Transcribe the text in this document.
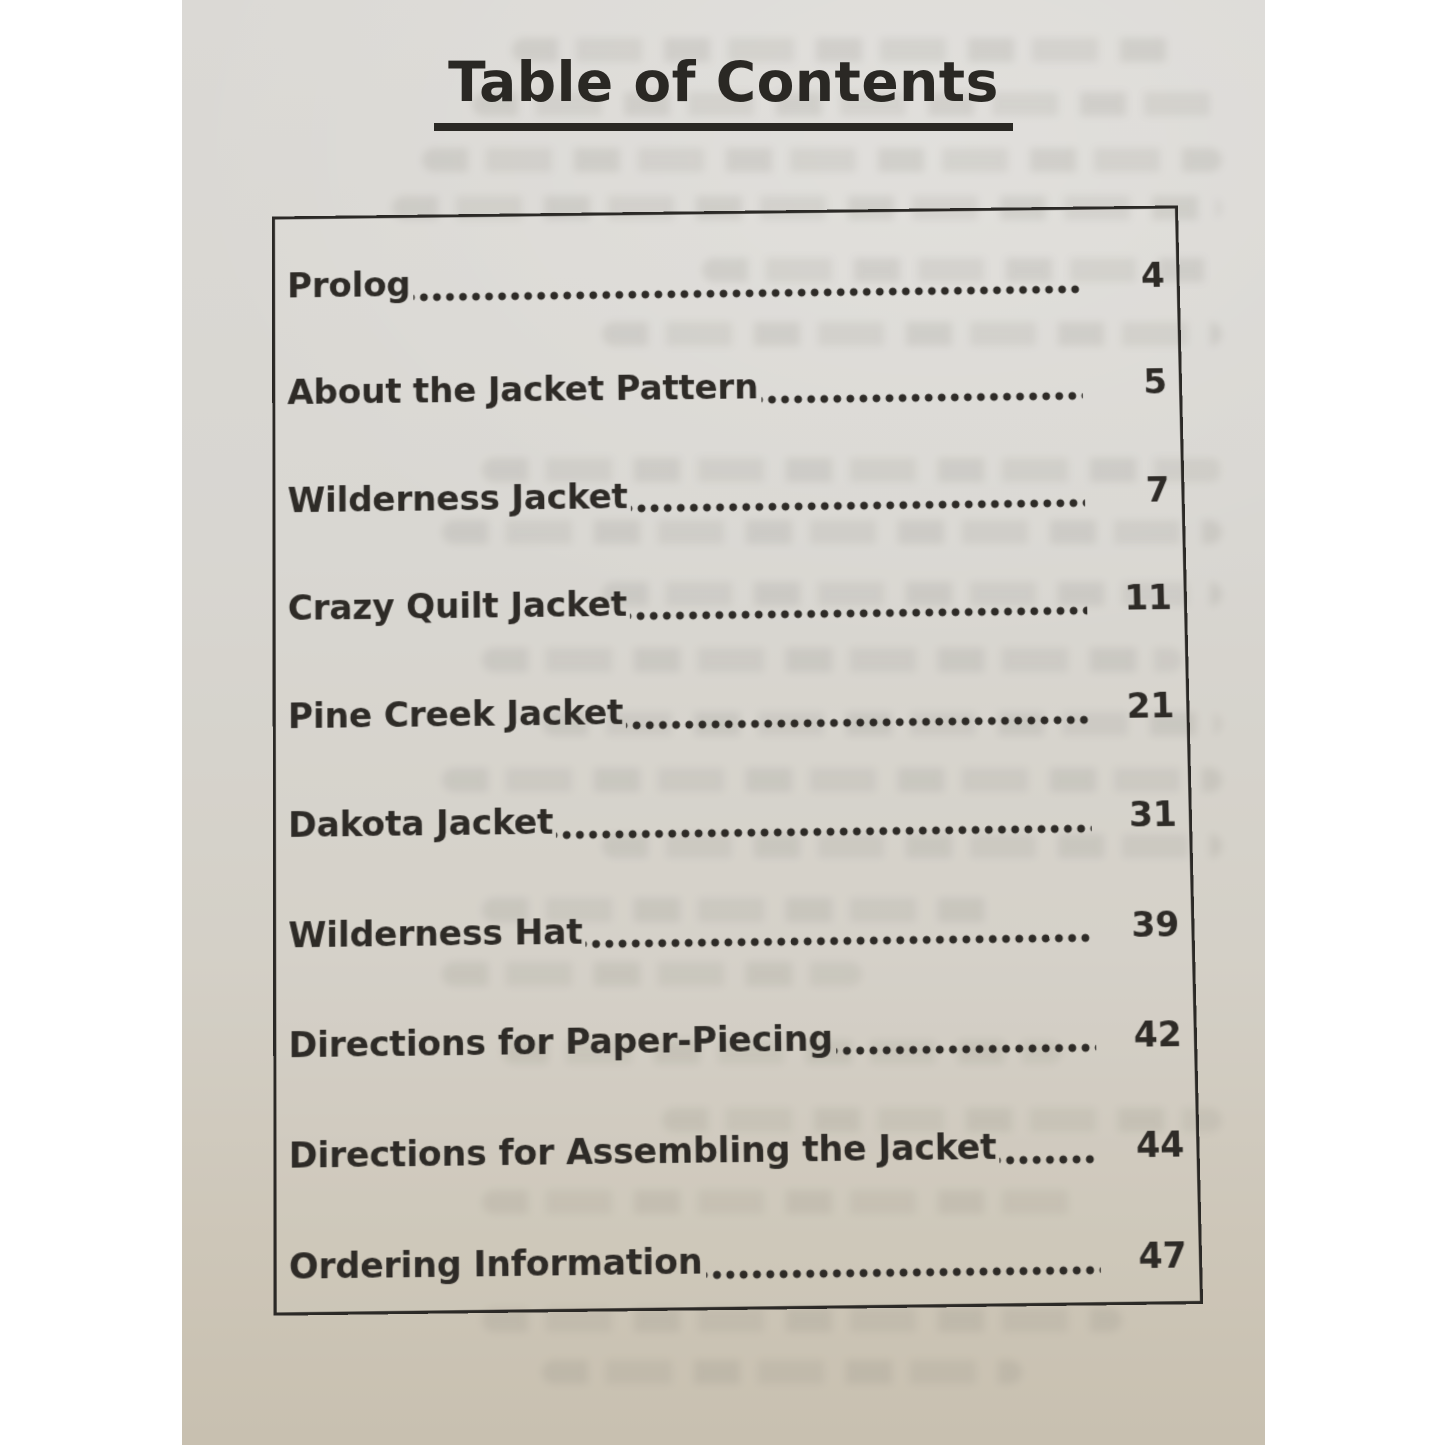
Table of Contents
Prolog	4
About the Jacket Pattern	5
Wilderness Jacket	7
Crazy Quilt Jacket	11
Pine Creek Jacket	21
Dakota Jacket	31
Wilderness Hat	39
Directions for Paper-Piecing	42
Directions for Assembling the Jacket	44
Ordering Information	47
